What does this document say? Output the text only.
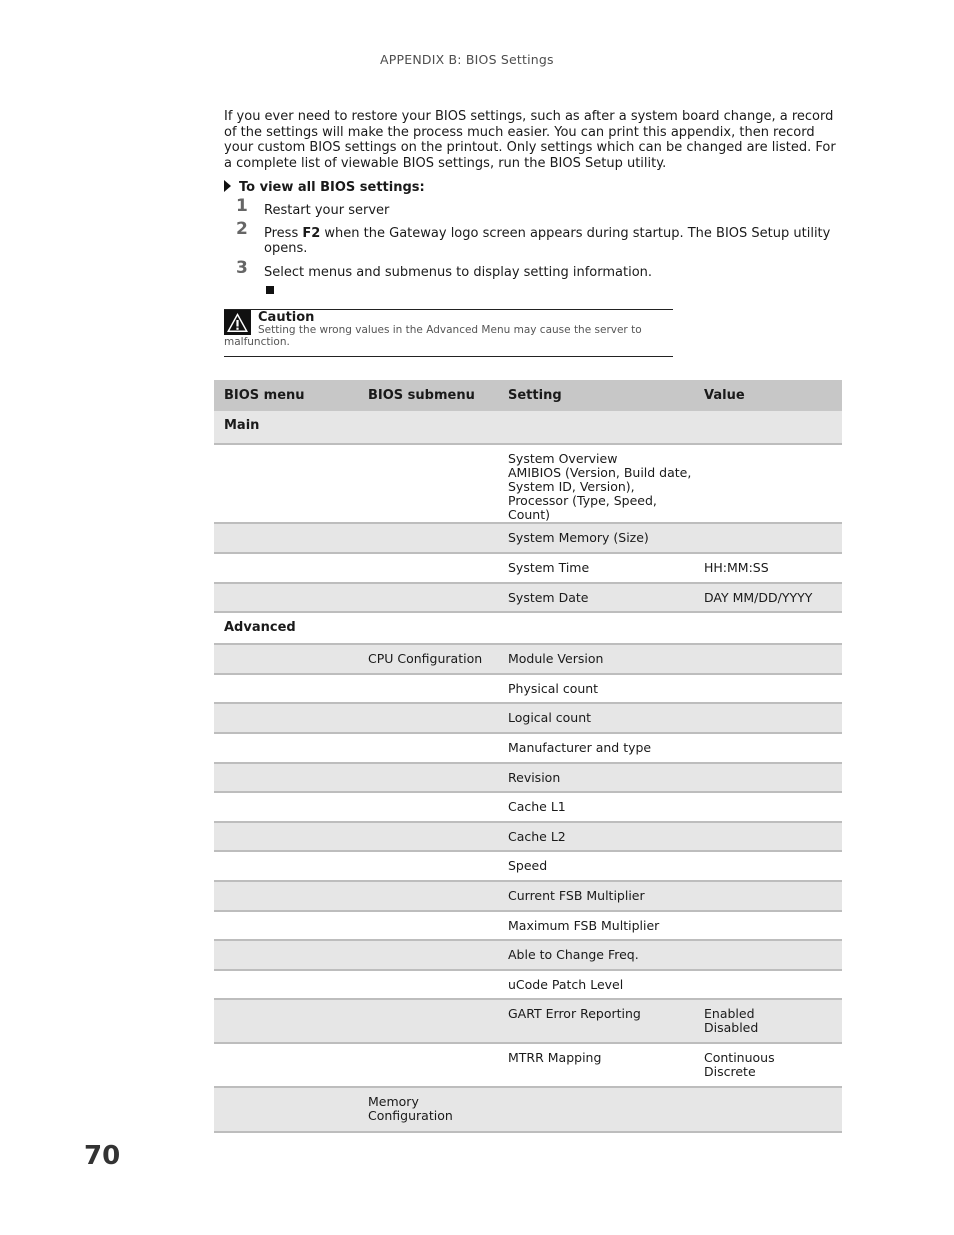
APPENDIX B: BIOS Settings
If you ever need to restore your BIOS settings, such as after a system board change, a record of the settings will make the process much easier. You can print this appendix, then record your custom BIOS settings on the printout. Only settings which can be changed are listed. For a complete list of viewable BIOS settings, run the BIOS Setup utility.
To view all BIOS settings:
1 Restart your server
2 Press F2 when the Gateway logo screen appears during startup. The BIOS Setup utility opens.
3 Select menus and submenus to display setting information.
Caution
Setting the wrong values in the Advanced Menu may cause the server to malfunction.
BIOS menu	BIOS submenu	Setting	Value
Main			
		System Overview
AMIBIOS (Version, Build date, System ID, Version), Processor (Type, Speed, Count)	
		System Memory (Size)	
		System Time	HH:MM:SS
		System Date	DAY MM/DD/YYYY
Advanced			
	CPU Configuration	Module Version	
		Physical count	
		Logical count	
		Manufacturer and type	
		Revision	
		Cache L1	
		Cache L2	
		Speed	
		Current FSB Multiplier	
		Maximum FSB Multiplier	
		Able to Change Freq.	
		uCode Patch Level	
		GART Error Reporting	Enabled
Disabled
		MTRR Mapping	Continuous
Discrete
	Memory
Configuration		
70
